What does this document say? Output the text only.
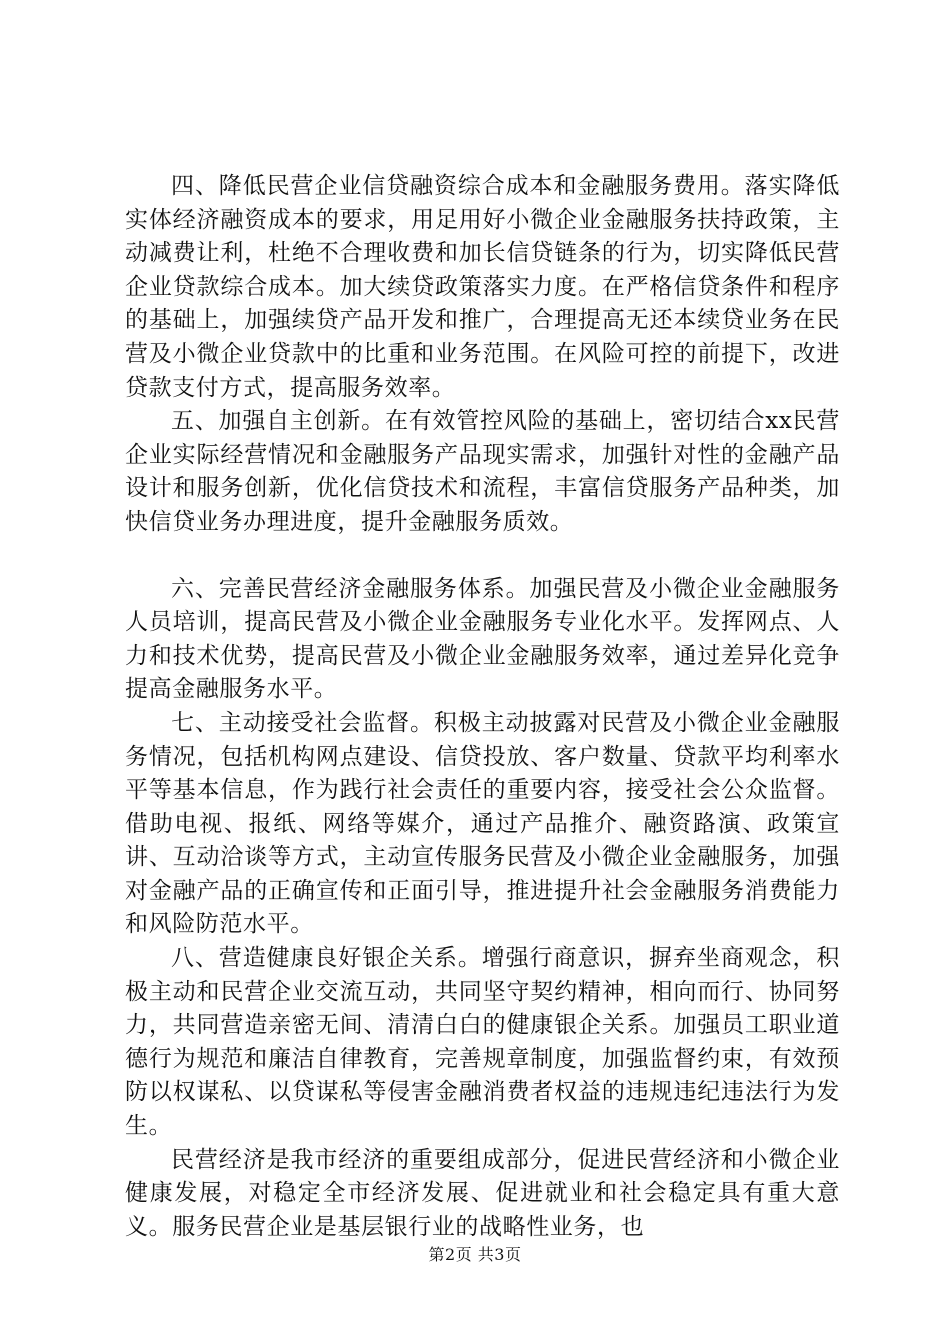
四、降低民营企业信贷融资综合成本和金融服务费用。落实降低实体经济融资成本的要求，用足用好小微企业金融服务扶持政策，主动减费让利，杜绝不合理收费和加长信贷链条的行为，切实降低民营企业贷款综合成本。加大续贷政策落实力度。在严格信贷条件和程序的基础上，加强续贷产品开发和推广，合理提高无还本续贷业务在民营及小微企业贷款中的比重和业务范围。在风险可控的前提下，改进贷款支付方式，提高服务效率。

五、加强自主创新。在有效管控风险的基础上，密切结合xx民营企业实际经营情况和金融服务产品现实需求，加强针对性的金融产品设计和服务创新，优化信贷技术和流程，丰富信贷服务产品种类，加快信贷业务办理进度，提升金融服务质效。

六、完善民营经济金融服务体系。加强民营及小微企业金融服务人员培训，提高民营及小微企业金融服务专业化水平。发挥网点、人力和技术优势，提高民营及小微企业金融服务效率，通过差异化竞争提高金融服务水平。

七、主动接受社会监督。积极主动披露对民营及小微企业金融服务情况，包括机构网点建设、信贷投放、客户数量、贷款平均利率水平等基本信息，作为践行社会责任的重要内容，接受社会公众监督。借助电视、报纸、网络等媒介，通过产品推介、融资路演、政策宣讲、互动洽谈等方式，主动宣传服务民营及小微企业金融服务，加强对金融产品的正确宣传和正面引导，推进提升社会金融服务消费能力和风险防范水平。

八、营造健康良好银企关系。增强行商意识，摒弃坐商观念，积极主动和民营企业交流互动，共同坚守契约精神，相向而行、协同努力，共同营造亲密无间、清清白白的健康银企关系。加强员工职业道德行为规范和廉洁自律教育，完善规章制度，加强监督约束，有效预防以权谋私、以贷谋私等侵害金融消费者权益的违规违纪违法行为发生。

民营经济是我市经济的重要组成部分，促进民营经济和小微企业健康发展，对稳定全市经济发展、促进就业和社会稳定具有重大意义。服务民营企业是基层银行业的战略性业务，也

第2页 共3页
